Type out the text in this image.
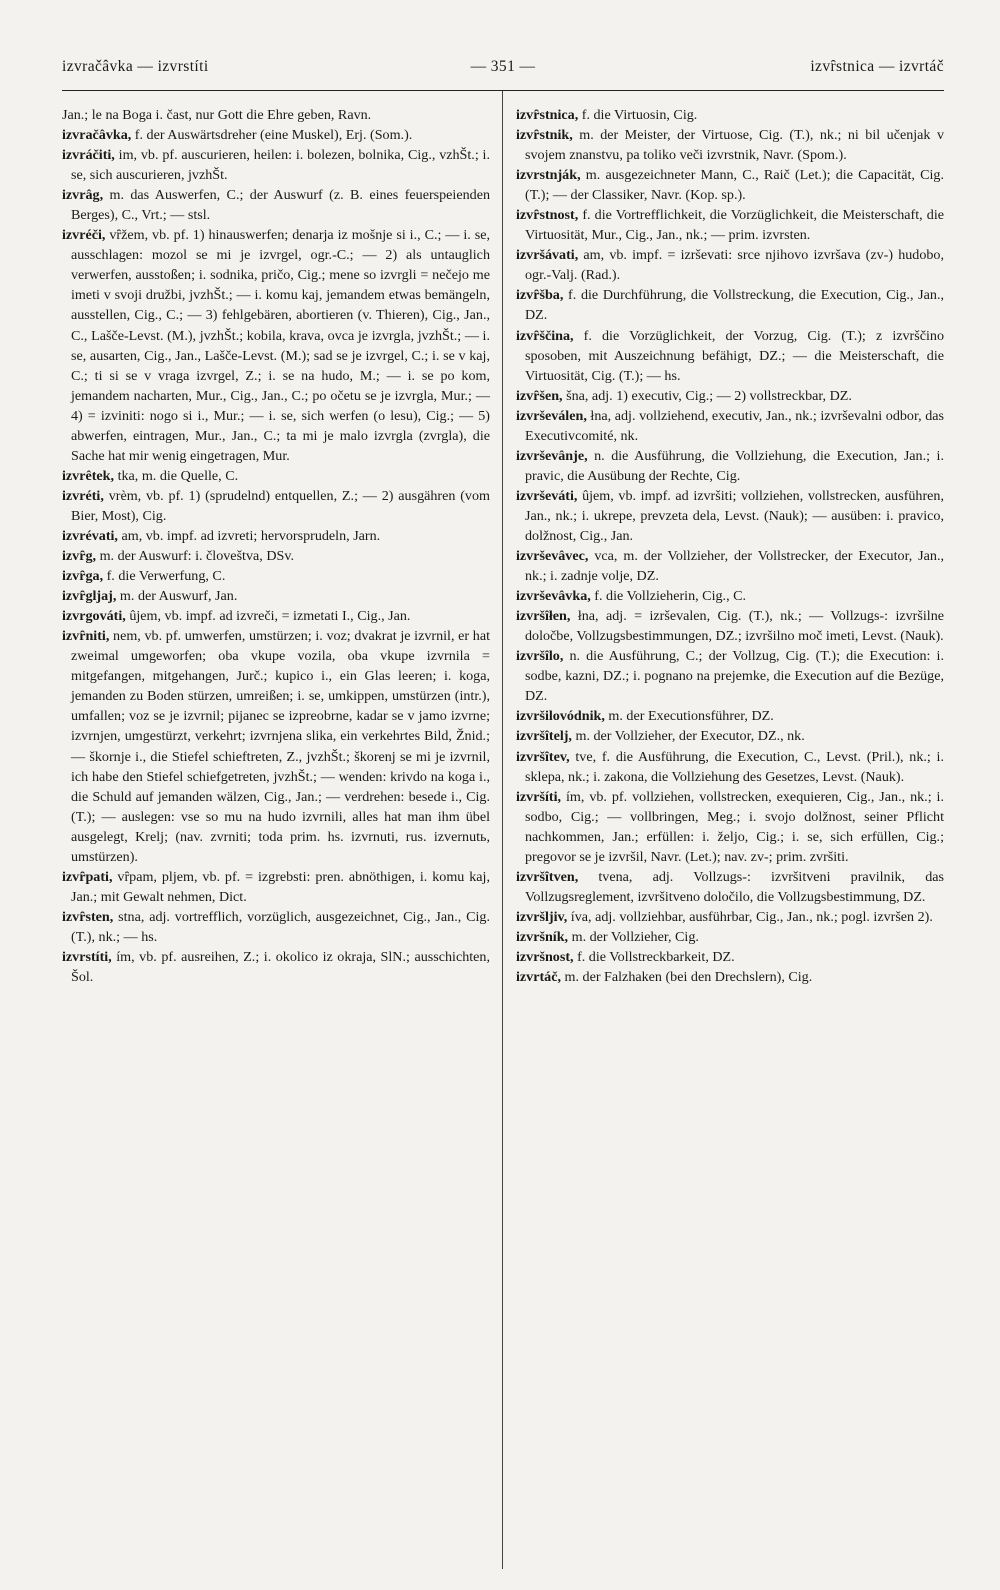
izvračâvka — izvrstíti	— 351 —	izvȓstnica — izvrtáč

Jan.; le na Boga i. čast, nur Gott die Ehre geben, Ravn.

izvračâvka, f. der Auswärtsdreher (eine Muskel), Erj. (Som.).

izvráčiti, im, vb. pf. auscurieren, heilen: i. bolezen, bolnika, Cig., vzhŠt.; i. se, sich auscurieren, jvzhŠt.

izvrâg, m. das Auswerfen, C.; der Auswurf (z. B. eines feuerspeienden Berges), C., Vrt.; — stsl.

izvréči, vȓžem, vb. pf. 1) hinauswerfen; denarja iz mošnje si i., C.; — i. se, ausschlagen: mozol se mi je izvrgel, ogr.-C.; — 2) als untauglich verwerfen, ausstoßen; i. sodnika, pričo, Cig.; mene so izvrgli = nečejo me imeti v svoji družbi, jvzhŠt.; — i. komu kaj, jemandem etwas bemängeln, ausstellen, Cig., C.; — 3) fehlgebären, abortieren (v. Thieren), Cig., Jan., C., Lašče-Levst. (M.), jvzhŠt.; kobila, krava, ovca je izvrgla, jvzhŠt.; — i. se, ausarten, Cig., Jan., Lašče-Levst. (M.); sad se je izvrgel, C.; i. se v kaj, C.; ti si se v vraga izvrgel, Z.; i. se na hudo, M.; — i. se po kom, jemandem nacharten, Mur., Cig., Jan., C.; po očetu se je izvrgla, Mur.; — 4) = izviniti: nogo si i., Mur.; — i. se, sich werfen (o lesu), Cig.; — 5) abwerfen, eintragen, Mur., Jan., C.; ta mi je malo izvrgla (zvrgla), die Sache hat mir wenig eingetragen, Mur.

izvrêtek, tka, m. die Quelle, C.

izvréti, vrèm, vb. pf. 1) (sprudelnd) entquellen, Z.; — 2) ausgähren (vom Bier, Most), Cig.

izvrévati, am, vb. impf. ad izvreti; hervorsprudeln, Jarn.

izvȓg, m. der Auswurf: i. človeštva, DSv.

izvȓga, f. die Verwerfung, C.

izvȓgljaj, m. der Auswurf, Jan.

izvrgováti, ûjem, vb. impf. ad izvreči, = izmetati I., Cig., Jan.

izvȓniti, nem, vb. pf. umwerfen, umstürzen; i. voz; dvakrat je izvrnil, er hat zweimal umgeworfen; oba vkupe vozila, oba vkupe izvrnila = mitgefangen, mitgehangen, Jurč.; kupico i., ein Glas leeren; i. koga, jemanden zu Boden stürzen, umreißen; i. se, umkippen, umstürzen (intr.), umfallen; voz se je izvrnil; pijanec se izpreobrne, kadar se v jamo izvrne; izvrnjen, umgestürzt, verkehrt; izvrnjena slika, ein verkehrtes Bild, Žnid.; — škornje i., die Stiefel schieftreten, Z., jvzhŠt.; škorenj se mi je izvrnil, ich habe den Stiefel schiefgetreten, jvzhŠt.; — wenden: krivdo na koga i., die Schuld auf jemanden wälzen, Cig., Jan.; — verdrehen: besede i., Cig. (T.); — auslegen: vse so mu na hudo izvrnili, alles hat man ihm übel ausgelegt, Krelj; (nav. zvrniti; toda prim. hs. izvrnuti, rus. izvernutь, umstürzen).

izvȓpati, vȓpam, pljem, vb. pf. = izgrebsti: pren. abnöthigen, i. komu kaj, Jan.; mit Gewalt nehmen, Dict.

izvȓsten, stna, adj. vortrefflich, vorzüglich, ausgezeichnet, Cig., Jan., Cig. (T.), nk.; — hs.

izvrstíti, ím, vb. pf. ausreihen, Z.; i. okolico iz okraja, SlN.; ausschichten, Šol.

izvȓstnica, f. die Virtuosin, Cig.

izvȓstnik, m. der Meister, der Virtuose, Cig. (T.), nk.; ni bil učenjak v svojem znanstvu, pa toliko veči izvrstnik, Navr. (Spom.).

izvrstnják, m. ausgezeichneter Mann, C., Raič (Let.); die Capacität, Cig. (T.); — der Classiker, Navr. (Kop. sp.).

izvȓstnost, f. die Vortrefflichkeit, die Vorzüglichkeit, die Meisterschaft, die Virtuosität, Mur., Cig., Jan., nk.; — prim. izvrsten.

izvršávati, am, vb. impf. = izrševati: srce njihovo izvršava (zv-) hudobo, ogr.-Valj. (Rad.).

izvȓšba, f. die Durchführung, die Vollstreckung, die Execution, Cig., Jan., DZ.

izvȓščina, f. die Vorzüglichkeit, der Vorzug, Cig. (T.); z izvrščino sposoben, mit Auszeichnung befähigt, DZ.; — die Meisterschaft, die Virtuosität, Cig. (T.); — hs.

izvȓšen, šna, adj. 1) executiv, Cig.; — 2) vollstreckbar, DZ.

izvrševálen, łna, adj. vollziehend, executiv, Jan., nk.; izvrševalni odbor, das Executivcomité, nk.

izvrševânje, n. die Ausführung, die Vollziehung, die Execution, Jan.; i. pravic, die Ausübung der Rechte, Cig.

izvrševáti, ûjem, vb. impf. ad izvršiti; vollziehen, vollstrecken, ausführen, Jan., nk.; i. ukrepe, prevzeta dela, Levst. (Nauk); — ausüben: i. pravico, dolžnost, Cig., Jan.

izvrševâvec, vca, m. der Vollzieher, der Vollstrecker, der Executor, Jan., nk.; i. zadnje volje, DZ.

izvrševâvka, f. die Vollzieherin, Cig., C.

izvršîłen, łna, adj. = izrševalen, Cig. (T.), nk.; — Vollzugs-: izvršilne določbe, Vollzugsbestimmungen, DZ.; izvršilno moč imeti, Levst. (Nauk).

izvršîlo, n. die Ausführung, C.; der Vollzug, Cig. (T.); die Execution: i. sodbe, kazni, DZ.; i. pognano na prejemke, die Execution auf die Bezüge, DZ.

izvršilovódnik, m. der Executionsführer, DZ.

izvršîtelj, m. der Vollzieher, der Executor, DZ., nk.

izvršîtev, tve, f. die Ausführung, die Execution, C., Levst. (Pril.), nk.; i. sklepa, nk.; i. zakona, die Vollziehung des Gesetzes, Levst. (Nauk).

izvršíti, ím, vb. pf. vollziehen, vollstrecken, exequieren, Cig., Jan., nk.; i. sodbo, Cig.; — vollbringen, Meg.; i. svojo dolžnost, seiner Pflicht nachkommen, Jan.; erfüllen: i. željo, Cig.; i. se, sich erfüllen, Cig.; pregovor se je izvršil, Navr. (Let.); nav. zv-; prim. zvršiti.

izvršîtven, tvena, adj. Vollzugs-: izvršitveni pravilnik, das Vollzugsreglement, izvršitveno določilo, die Vollzugsbestimmung, DZ.

izvršljiv, íva, adj. vollziehbar, ausführbar, Cig., Jan., nk.; pogl. izvršen 2).

izvršník, m. der Vollzieher, Cig.

izvršnost, f. die Vollstreckbarkeit, DZ.

izvrtáč, m. der Falzhaken (bei den Drechslern), Cig.
